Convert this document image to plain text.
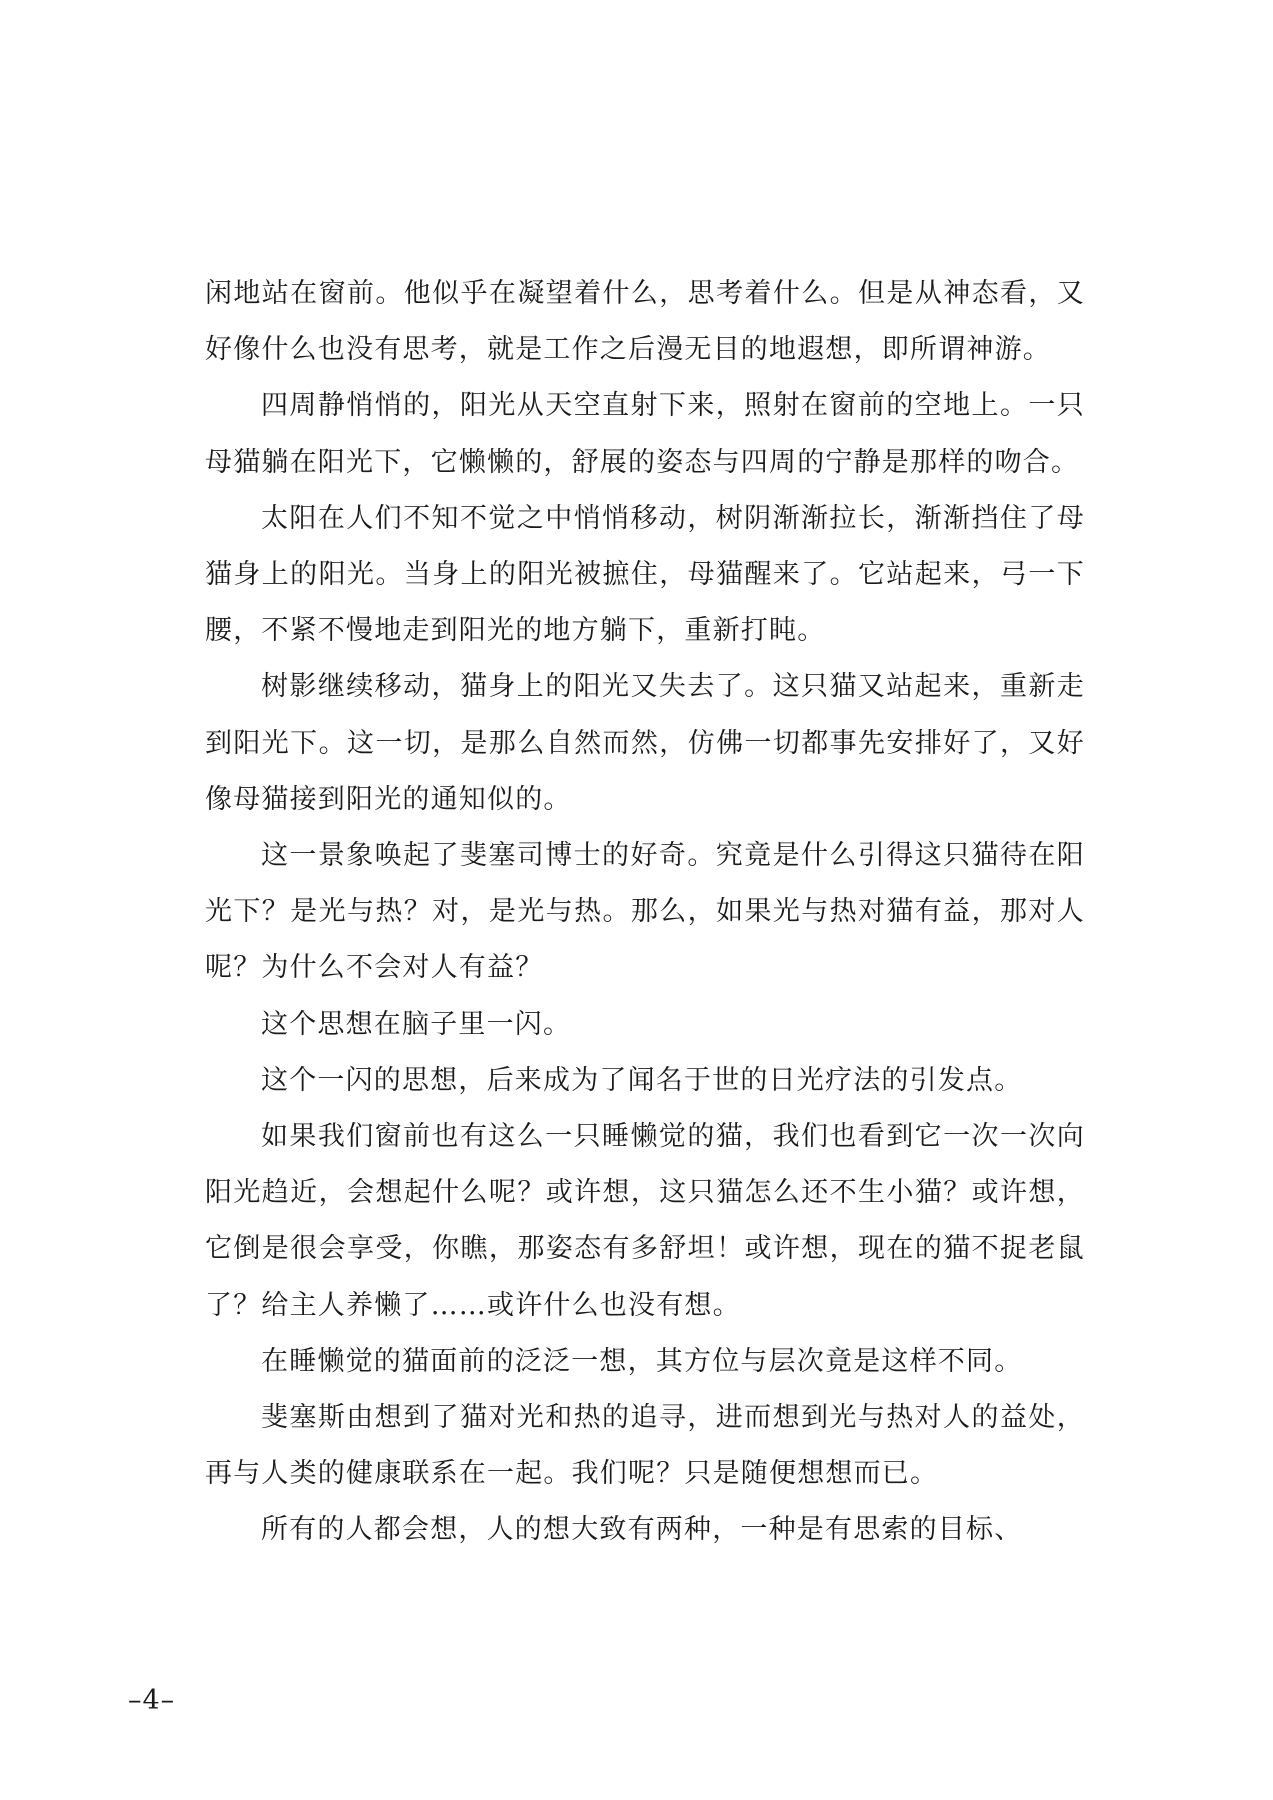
闲地站在窗前。他似乎在凝望着什么，思考着什么。但是从神态看，又好像什么也没有思考，就是工作之后漫无目的地遐想，即所谓神游。

四周静悄悄的，阳光从天空直射下来，照射在窗前的空地上。一只母猫躺在阳光下，它懒懒的，舒展的姿态与四周的宁静是那样的吻合。

太阳在人们不知不觉之中悄悄移动，树阴渐渐拉长，渐渐挡住了母猫身上的阳光。当身上的阳光被摭住，母猫醒来了。它站起来，弓一下腰，不紧不慢地走到阳光的地方躺下，重新打盹。

树影继续移动，猫身上的阳光又失去了。这只猫又站起来，重新走到阳光下。这一切，是那么自然而然，仿佛一切都事先安排好了，又好像母猫接到阳光的通知似的。

这一景象唤起了斐塞司博士的好奇。究竟是什么引得这只猫待在阳光下？是光与热？对，是光与热。那么，如果光与热对猫有益，那对人呢？为什么不会对人有益？

这个思想在脑子里一闪。

这个一闪的思想，后来成为了闻名于世的日光疗法的引发点。

如果我们窗前也有这么一只睡懒觉的猫，我们也看到它一次一次向阳光趋近，会想起什么呢？或许想，这只猫怎么还不生小猫？或许想，它倒是很会享受，你瞧，那姿态有多舒坦！或许想，现在的猫不捉老鼠了？给主人养懒了……或许什么也没有想。

在睡懒觉的猫面前的泛泛一想，其方位与层次竟是这样不同。

斐塞斯由想到了猫对光和热的追寻，进而想到光与热对人的益处，再与人类的健康联系在一起。我们呢？只是随便想想而已。

所有的人都会想，人的想大致有两种，一种是有思索的目标、

–4–
